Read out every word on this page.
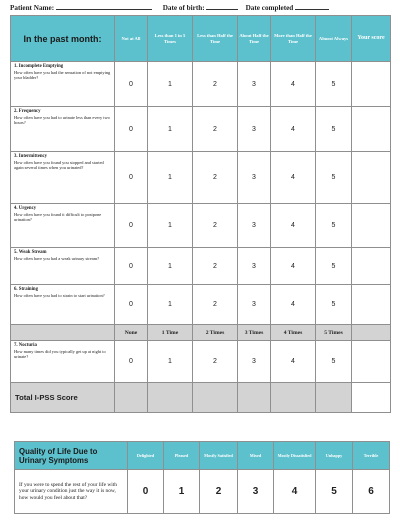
Patient Name:	Date of birth:	Date completed
In the past month:	Not at All	Less than 1 in 5 Times	Less than Half the Time	About Half the Time	More than Half the Time	Almost Always	Your score

1. Incomplete Emptying
How often have you had the sensation of not emptying your bladder?	0	1	2	3	4	5	

2. Frequency
How often have you had to urinate less than every two hours?	0	1	2	3	4	5	

3. Intermittency
How often have you found you stopped and started again several times when you urinated?	0	1	2	3	4	5	

4. Urgency
How often have you found it difficult to postpone urination?	0	1	2	3	4	5	

5. Weak Stream
How often have you had a weak urinary stream?	0	1	2	3	4	5	

6. Straining
How often have you had to strain to start urination?	0	1	2	3	4	5	
	None	1 Time	2 Times	3 Times	4 Times	5 Times	

7. Nocturia
How many times did you typically get up at night to urinate?	0	1	2	3	4	5	
Total I-PSS Score							
Quality of Life Due to Urinary Symptoms	Delighted	Pleased	Mostly Satisfied	Mixed	Mostly Dissatisfied	Unhappy	Terrible
If you were to spend the rest of your life with your urinary condition just the way it is now, how would you feel about that?	0	1	2	3	4	5	6
